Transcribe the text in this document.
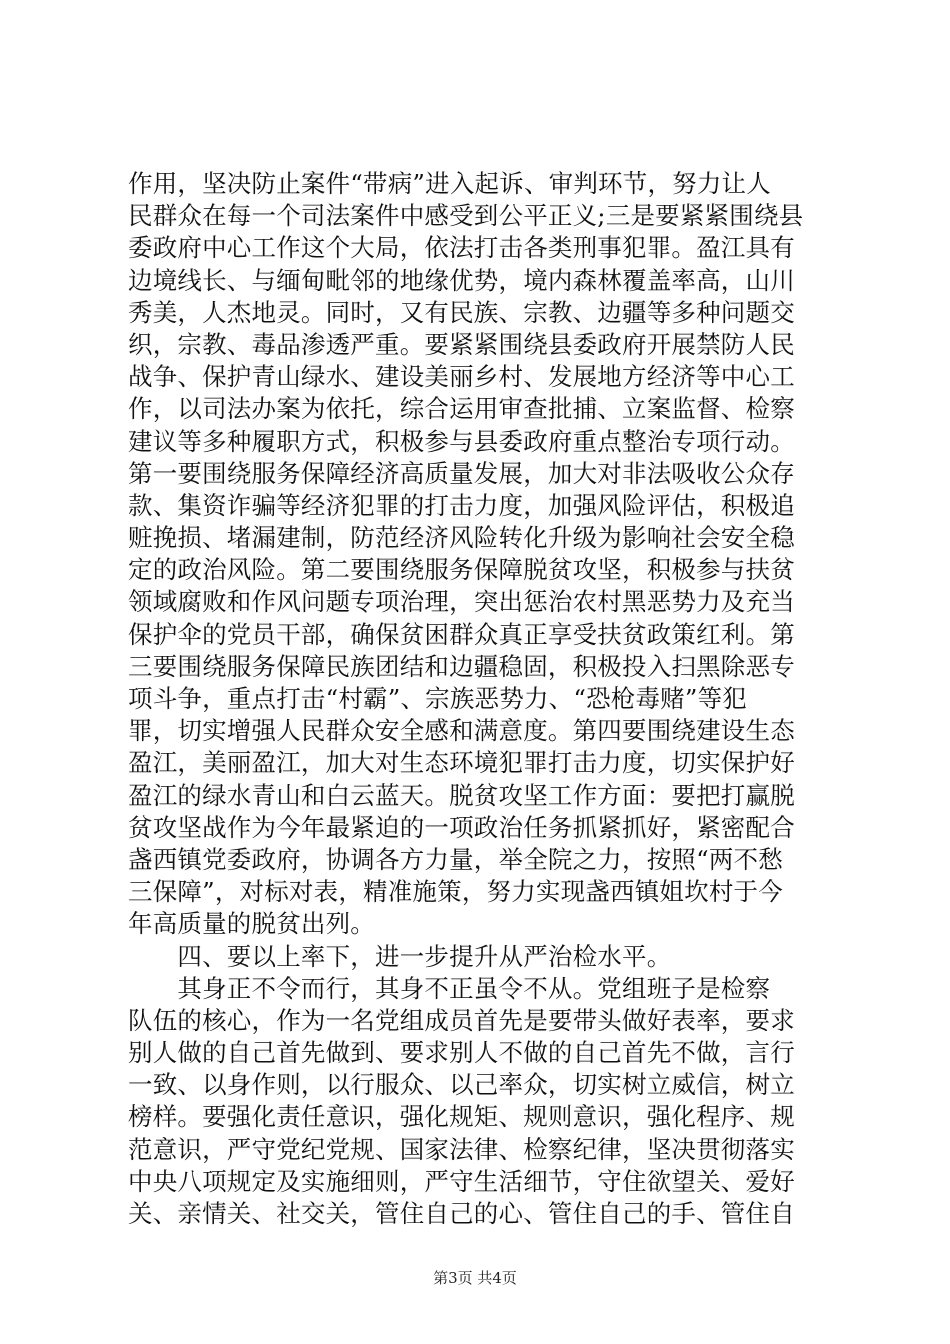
作用，坚决防止案件“带病”进入起诉、审判环节，努力让人
民群众在每一个司法案件中感受到公平正义;三是要紧紧围绕县
委政府中心工作这个大局，依法打击各类刑事犯罪。盈江具有
边境线长、与缅甸毗邻的地缘优势，境内森林覆盖率高，山川
秀美，人杰地灵。同时，又有民族、宗教、边疆等多种问题交
织，宗教、毒品渗透严重。要紧紧围绕县委政府开展禁防人民
战争、保护青山绿水、建设美丽乡村、发展地方经济等中心工
作，以司法办案为依托，综合运用审查批捕、立案监督、检察
建议等多种履职方式，积极参与县委政府重点整治专项行动。
第一要围绕服务保障经济高质量发展，加大对非法吸收公众存
款、集资诈骗等经济犯罪的打击力度，加强风险评估，积极追
赃挽损、堵漏建制，防范经济风险转化升级为影响社会安全稳
定的政治风险。第二要围绕服务保障脱贫攻坚，积极参与扶贫
领域腐败和作风问题专项治理，突出惩治农村黑恶势力及充当
保护伞的党员干部，确保贫困群众真正享受扶贫政策红利。第
三要围绕服务保障民族团结和边疆稳固，积极投入扫黑除恶专
项斗争，重点打击“村霸”、宗族恶势力、“恐枪毒赌”等犯
罪，切实增强人民群众安全感和满意度。第四要围绕建设生态
盈江，美丽盈江，加大对生态环境犯罪打击力度，切实保护好
盈江的绿水青山和白云蓝天。脱贫攻坚工作方面：要把打赢脱
贫攻坚战作为今年最紧迫的一项政治任务抓紧抓好，紧密配合
盏西镇党委政府，协调各方力量，举全院之力，按照“两不愁
三保障”，对标对表，精准施策，努力实现盏西镇姐坎村于今
年高质量的脱贫出列。
　　四、要以上率下，进一步提升从严治检水平。
　　其身正不令而行，其身不正虽令不从。党组班子是检察
队伍的核心，作为一名党组成员首先是要带头做好表率，要求
别人做的自己首先做到、要求别人不做的自己首先不做，言行
一致、以身作则，以行服众、以己率众，切实树立威信，树立
榜样。要强化责任意识，强化规矩、规则意识，强化程序、规
范意识，严守党纪党规、国家法律、检察纪律，坚决贯彻落实
中央八项规定及实施细则，严守生活细节，守住欲望关、爱好
关、亲情关、社交关，管住自己的心、管住自己的手、管住自
第3页 共4页
